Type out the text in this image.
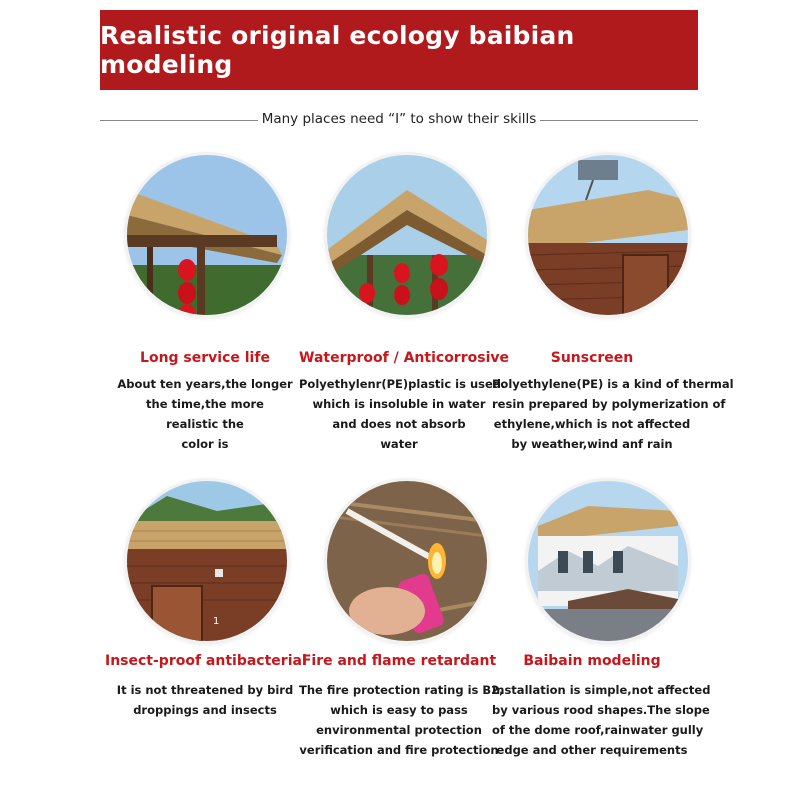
Realistic original ecology baibian modeling
Many places need “I” to show their skills
Long service life
About ten years,the longer
the time,the more
realistic the
color is
Waterproof / Anticorrosive
Polyethylenr(PE)plastic is used.
which is insoluble in water
and does not absorb
water
Sunscreen
Polyethylene(PE) is a kind of thermal
resin prepared by polymerization of
ethylene,which is not affected
by weather,wind anf rain
1
Insect-proof antibacterial
It is not threatened by bird
droppings and insects
Fire and flame retardant
The fire protection rating is B2,
which is easy to pass
environmental protection
verification and fire protection
Baibain modeling
Installation is simple,not affected
by various rood shapes.The slope
of the dome roof,rainwater gully
edge and other requirements
